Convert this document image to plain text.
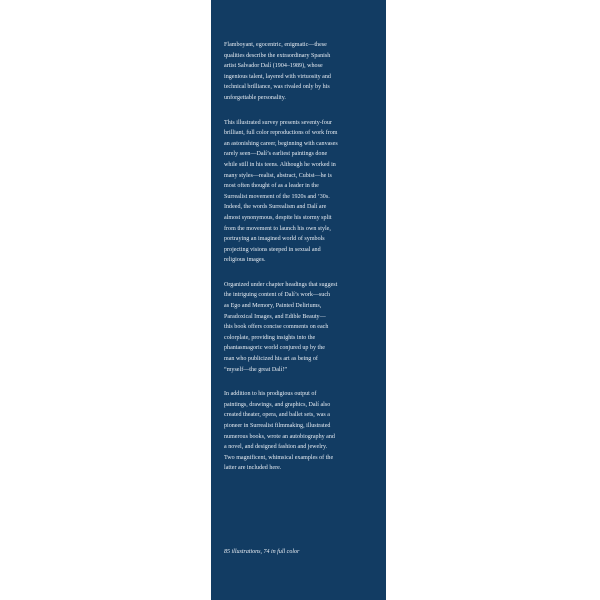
Flamboyant, egocentric, enigmatic—these
qualities describe the extraordinary Spanish
artist Salvador Dalí (1904–1989), whose
ingenious talent, layered with virtuosity and
technical brilliance, was rivaled only by his
unforgettable personality.

This illustrated survey presents seventy-four
brilliant, full color reproductions of work from
an astonishing career, beginning with canvases
rarely seen—Dalí’s earliest paintings done
while still in his teens. Although he worked in
many styles—realist, abstract, Cubist—he is
most often thought of as a leader in the
Surrealist movement of the 1920s and ’30s.
Indeed, the words Surrealism and Dalí are
almost synonymous, despite his stormy split
from the movement to launch his own style,
portraying an imagined world of symbols
projecting visions steeped in sexual and
religious images.

Organized under chapter headings that suggest
the intriguing content of Dalí’s work—such
as Ego and Memory, Painted Deliriums,
Paradoxical Images, and Edible Beauty—
this book offers concise comments on each
colorplate, providing insights into the
phantasmagoric world conjured up by the
man who publicized his art as being of
“myself—the great Dalí!”

In addition to his prodigious output of
paintings, drawings, and graphics, Dalí also
created theater, opera, and ballet sets, was a
pioneer in Surrealist filmmaking, illustrated
numerous books, wrote an autobiography and
a novel, and designed fashion and jewelry.
Two magnificent, whimsical examples of the
latter are included here.

85 illustrations, 74 in full color
